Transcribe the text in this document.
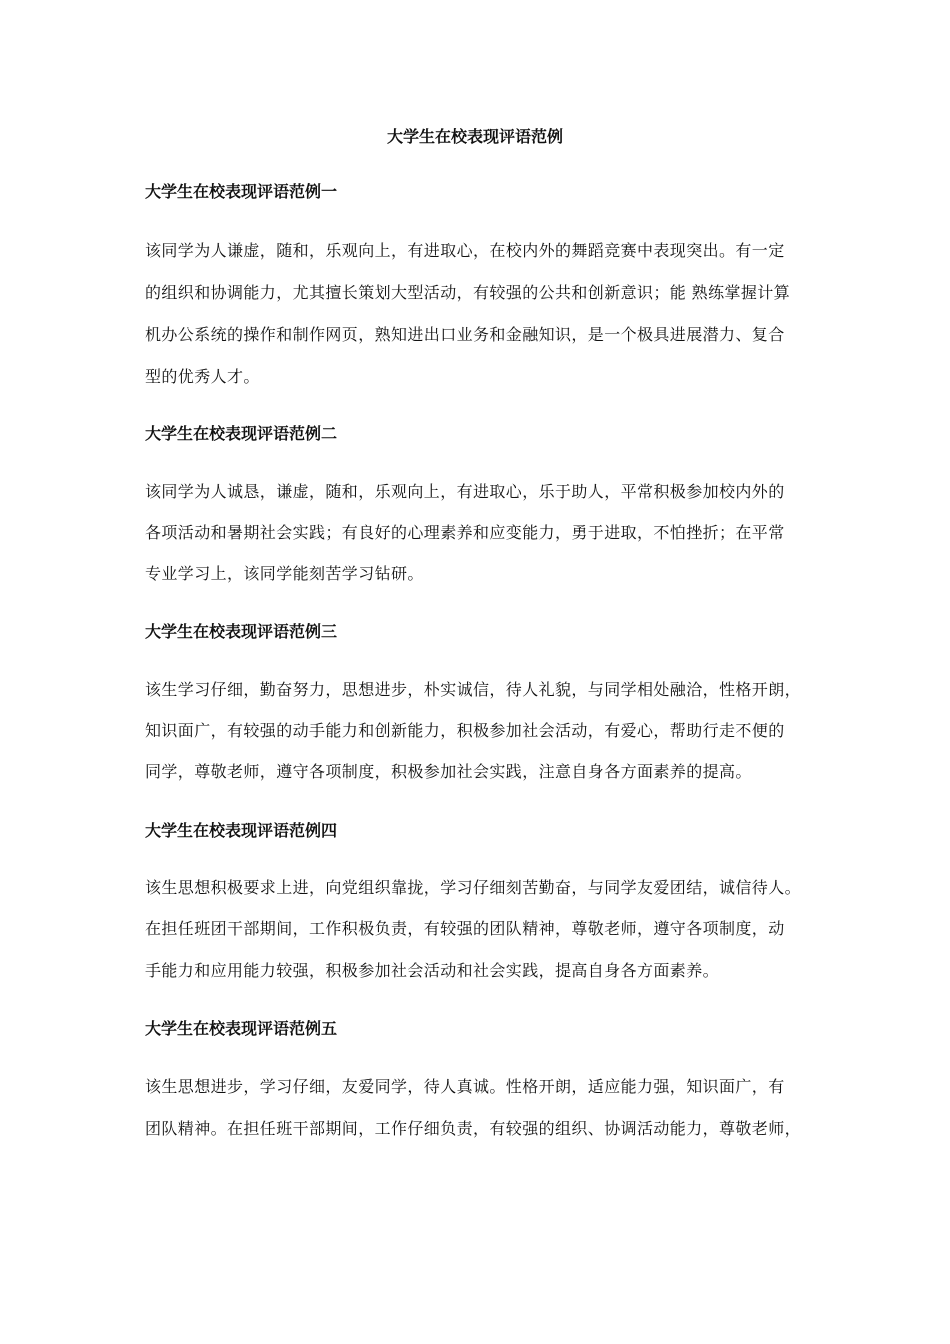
大学生在校表现评语范例
大学生在校表现评语范例一
该同学为人谦虚，随和，乐观向上，有进取心，在校内外的舞蹈竞赛中表现突出。有一定
的组织和协调能力，尤其擅长策划大型活动，有较强的公共和创新意识；能 熟练掌握计算
机办公系统的操作和制作网页，熟知进出口业务和金融知识，是一个极具进展潜力、复合
型的优秀人才。
大学生在校表现评语范例二
该同学为人诚恳，谦虚，随和，乐观向上，有进取心，乐于助人，平常积极参加校内外的
各项活动和暑期社会实践；有良好的心理素养和应变能力，勇于进取，不怕挫折；在平常
专业学习上，该同学能刻苦学习钻研。
大学生在校表现评语范例三
该生学习仔细，勤奋努力，思想进步，朴实诚信，待人礼貌，与同学相处融洽，性格开朗，
知识面广，有较强的动手能力和创新能力，积极参加社会活动，有爱心，帮助行走不便的
同学，尊敬老师，遵守各项制度，积极参加社会实践，注意自身各方面素养的提高。
大学生在校表现评语范例四
该生思想积极要求上进，向党组织靠拢，学习仔细刻苦勤奋，与同学友爱团结，诚信待人。
在担任班团干部期间，工作积极负责，有较强的团队精神，尊敬老师，遵守各项制度，动
手能力和应用能力较强，积极参加社会活动和社会实践，提高自身各方面素养。
大学生在校表现评语范例五
该生思想进步，学习仔细，友爱同学，待人真诚。性格开朗，适应能力强，知识面广，有
团队精神。在担任班干部期间，工作仔细负责，有较强的组织、协调活动能力，尊敬老师，
